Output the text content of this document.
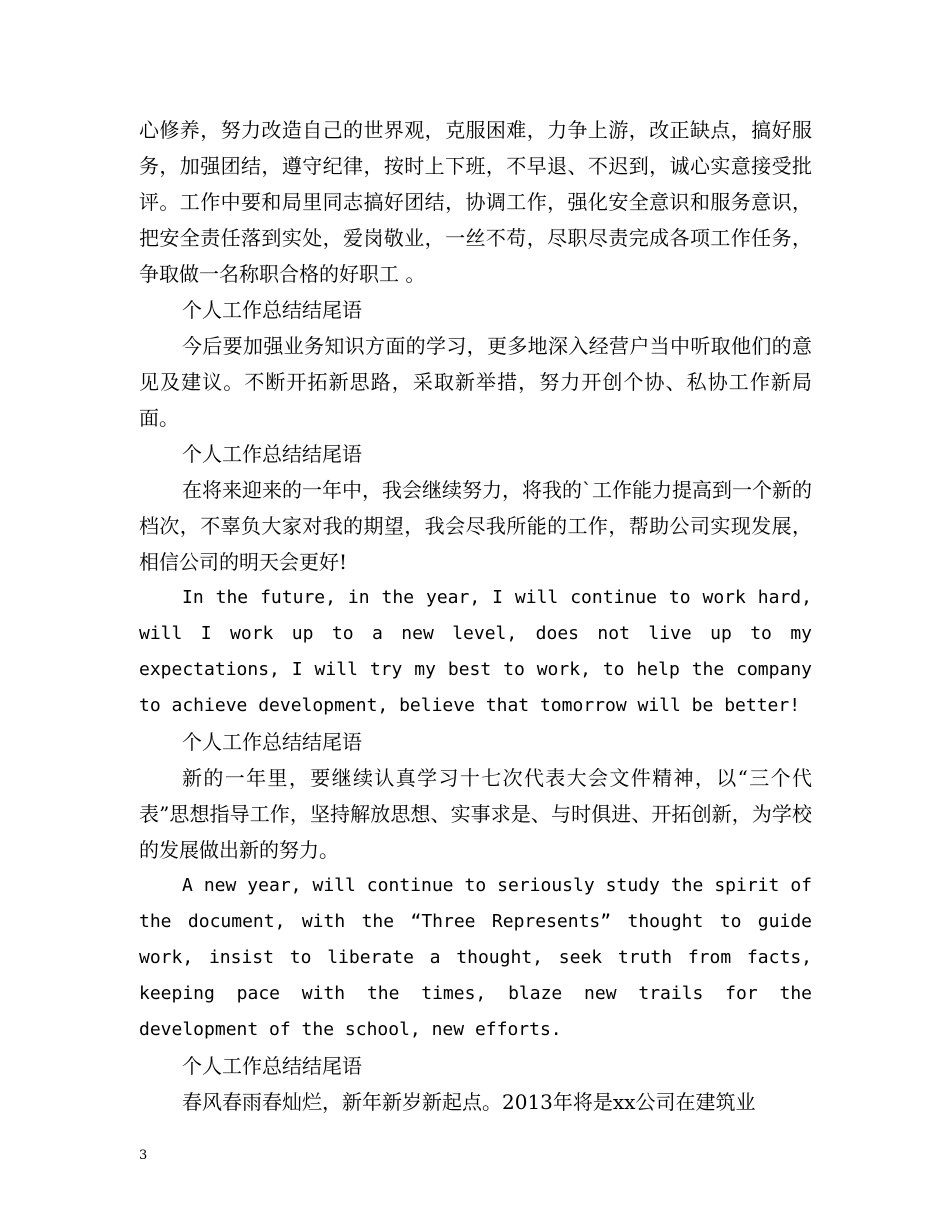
心修养，努力改造自己的世界观，克服困难，力争上游，改正缺点，搞好服务，加强团结，遵守纪律，按时上下班，不早退、不迟到，诚心实意接受批评。工作中要和局里同志搞好团结，协调工作，强化安全意识和服务意识，把安全责任落到实处，爱岗敬业，一丝不苟，尽职尽责完成各项工作任务，争取做一名称职合格的好职工 。

个人工作总结结尾语

今后要加强业务知识方面的学习，更多地深入经营户当中听取他们的意见及建议。不断开拓新思路，采取新举措，努力开创个协、私协工作新局面。

个人工作总结结尾语

在将来迎来的一年中，我会继续努力，将我的`工作能力提高到一个新的档次，不辜负大家对我的期望，我会尽我所能的工作，帮助公司实现发展，相信公司的明天会更好!

In the future, in the year, I will continue to work hard, will I work up to a new level, does not live up to my expectations, I will try my best to work, to help the company to achieve development, believe that tomorrow will be better!

个人工作总结结尾语

新的一年里，要继续认真学习十七次代表大会文件精神，以“三个代表”思想指导工作，坚持解放思想、实事求是、与时俱进、开拓创新，为学校的发展做出新的努力。

A new year, will continue to seriously study the spirit of the document, with the “Three Represents” thought to guide work, insist to liberate a thought, seek truth from facts, keeping pace with the times, blaze new trails for the development of the school, new efforts.

个人工作总结结尾语

春风春雨春灿烂，新年新岁新起点。2013年将是xx公司在建筑业

3
